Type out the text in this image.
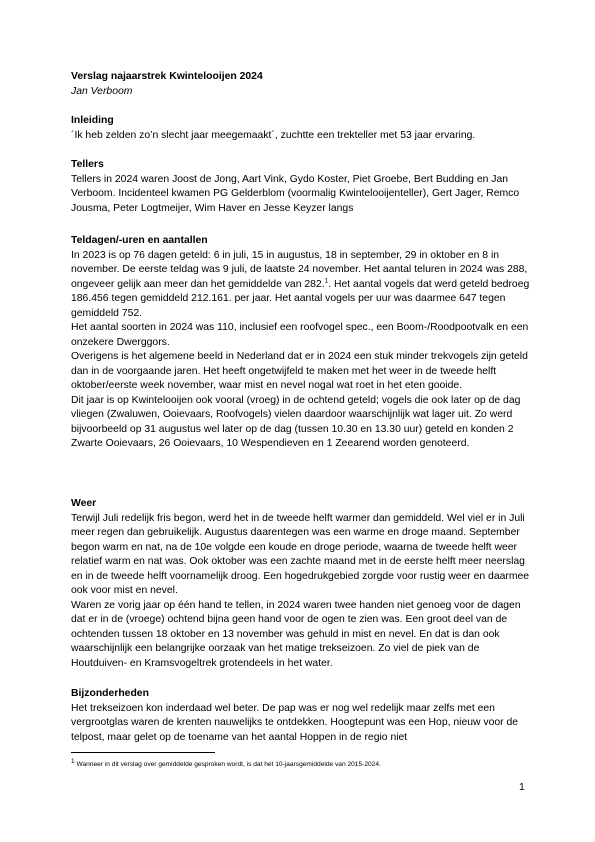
Verslag najaarstrek Kwintelooijen 2024
Jan Verboom
Inleiding

´Ik heb zelden zo’n slecht jaar meegemaakt´, zuchtte een trekteller met 53 jaar ervaring.

Tellers

Tellers in 2024 waren Joost de Jong, Aart Vink, Gydo Koster, Piet Groebe, Bert Budding en Jan Verboom. Incidenteel kwamen PG Gelderblom (voormalig Kwintelooijenteller), Gert Jager, Remco Jousma, Peter Logtmeijer, Wim Haver en Jesse Keyzer langs

Teldagen/-uren en aantallen

In 2023 is op 76 dagen geteld: 6 in juli, 15 in augustus, 18 in september, 29 in oktober en 8 in november. De eerste teldag was 9 juli, de laatste 24 november. Het aantal teluren in 2024 was 288, ongeveer gelijk aan meer dan het gemiddelde van 282.$^1$. Het aantal vogels dat werd geteld bedroeg 186.456 tegen gemiddeld 212.161. per jaar. Het aantal vogels per uur was daarmee 647 tegen gemiddeld 752.

Het aantal soorten in 2024 was 110, inclusief een roofvogel spec., een Boom-/Roodpootvalk en een onzekere Dwerggors.

Overigens is het algemene beeld in Nederland dat er in 2024 een stuk minder trekvogels zijn geteld dan in de voorgaande jaren. Het heeft ongetwijfeld te maken met het weer in de tweede helft oktober/eerste week november, waar mist en nevel nogal wat roet in het eten gooide.

Dit jaar is op Kwintelooijen ook vooral (vroeg) in de ochtend geteld; vogels die ook later op de dag vliegen (Zwaluwen, Ooievaars, Roofvogels) vielen daardoor waarschijnlijk wat lager uit. Zo werd bijvoorbeeld op 31 augustus wel later op de dag (tussen 10.30 en 13.30 uur) geteld en konden 2 Zwarte Ooievaars, 26 Ooievaars, 10 Wespendieven en 1 Zeearend worden genoteerd.

Weer

Terwijl Juli redelijk fris begon, werd het in de tweede helft warmer dan gemiddeld. Wel viel er in Juli meer regen dan gebruikelijk. Augustus daarentegen was een warme en droge maand. September begon warm en nat, na de 10e volgde een koude en droge periode, waarna de tweede helft weer relatief warm en nat was. Ook oktober was een zachte maand met in de eerste helft meer neerslag en in de tweede helft voornamelijk droog. Een hogedrukgebied zorgde voor rustig weer en daarmee ook voor mist en nevel.

Waren ze vorig jaar op één hand te tellen, in 2024 waren twee handen niet genoeg voor de dagen dat er in de (vroege) ochtend bijna geen hand voor de ogen te zien was. Een groot deel van de ochtenden tussen 18 oktober en 13 november was gehuld in mist en nevel. En dat is dan ook waarschijnlijk een belangrijke oorzaak van het matige trekseizoen. Zo viel de piek van de Houtduiven- en Kramsvogeltrek grotendeels in het water.

Bijzonderheden

Het trekseizoen kon inderdaad wel beter. De pap was er nog wel redelijk maar zelfs met een vergrootglas waren de krenten nauwelijks te ontdekken. Hoogtepunt was een Hop, nieuw voor de telpost, maar gelet op de toename van het aantal Hoppen in de regio niet

$^1$ Wanneer in dit verslag over gemiddelde gesproken wordt, is dat het 10-jaarsgemiddelde van 2015-2024.
1
